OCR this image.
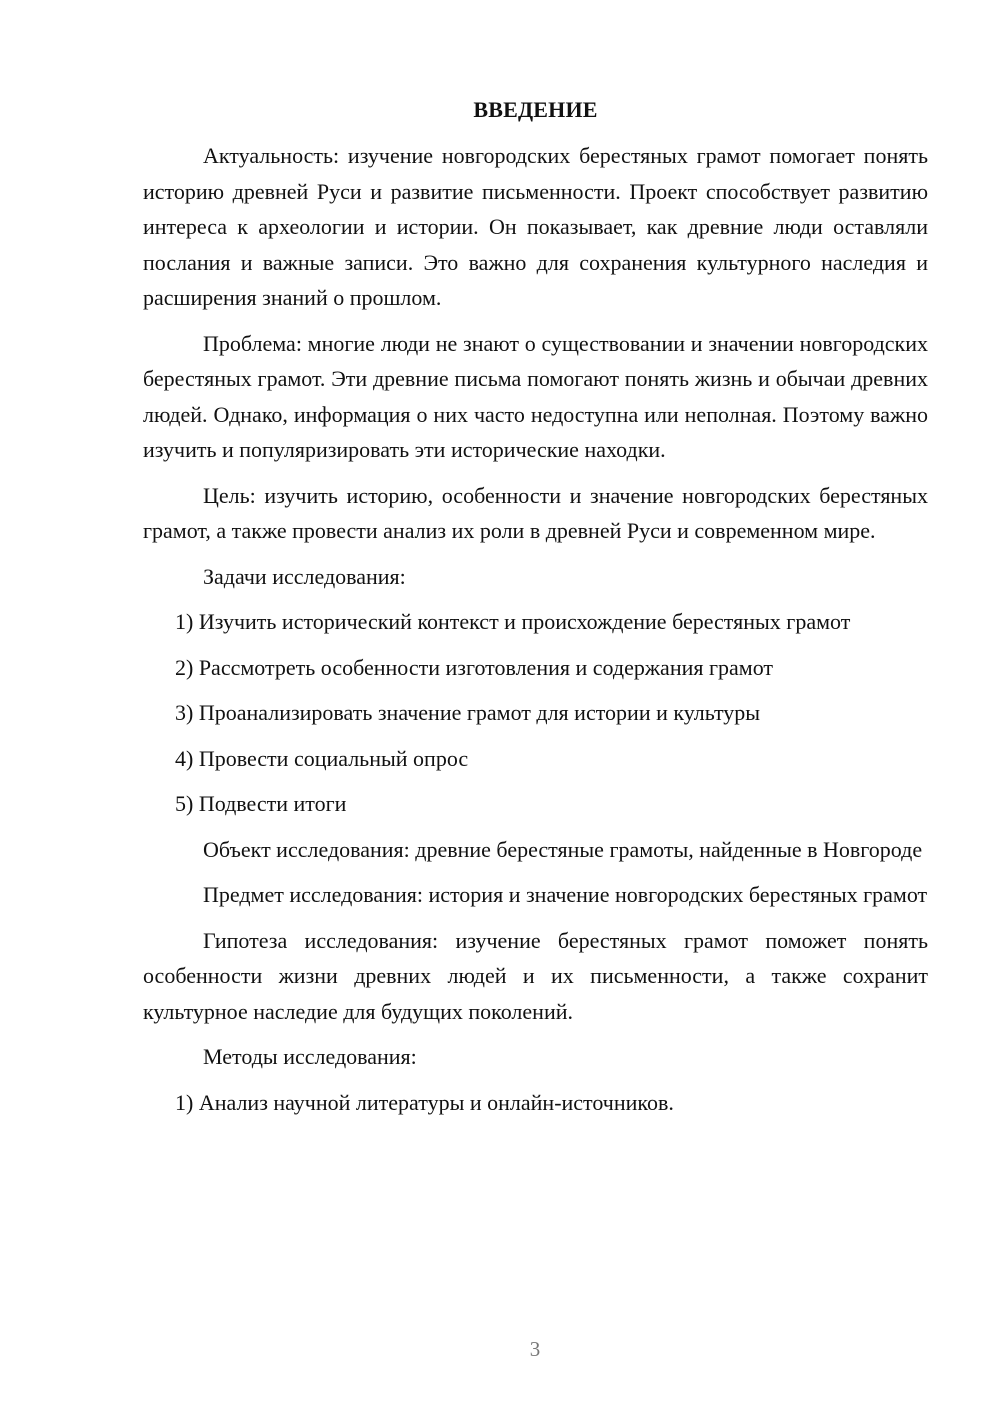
ВВЕДЕНИЕ

Актуальность: изучение новгородских берестяных грамот помогает понять историю древней Руси и развитие письменности. Проект способствует развитию интереса к археологии и истории. Он показывает, как древние люди оставляли послания и важные записи. Это важно для сохранения культурного наследия и расширения знаний о прошлом.

Проблема: многие люди не знают о существовании и значении новгородских берестяных грамот. Эти древние письма помогают понять жизнь и обычаи древних людей. Однако, информация о них часто недоступна или неполная. Поэтому важно изучить и популяризировать эти исторические находки.

Цель: изучить историю, особенности и значение новгородских берестяных грамот, а также провести анализ их роли в древней Руси и современном мире.

Задачи исследования:

1) Изучить исторический контекст и происхождение берестяных грамот

2) Рассмотреть особенности изготовления и содержания грамот

3) Проанализировать значение грамот для истории и культуры

4) Провести социальный опрос

5) Подвести итоги

Объект исследования: древние берестяные грамоты, найденные в Новгороде

Предмет исследования: история и значение новгородских берестяных грамот

Гипотеза исследования: изучение берестяных грамот поможет понять особенности жизни древних людей и их письменности, а также сохранит культурное наследие для будущих поколений.

Методы исследования:

1) Анализ научной литературы и онлайн-источников.

3
